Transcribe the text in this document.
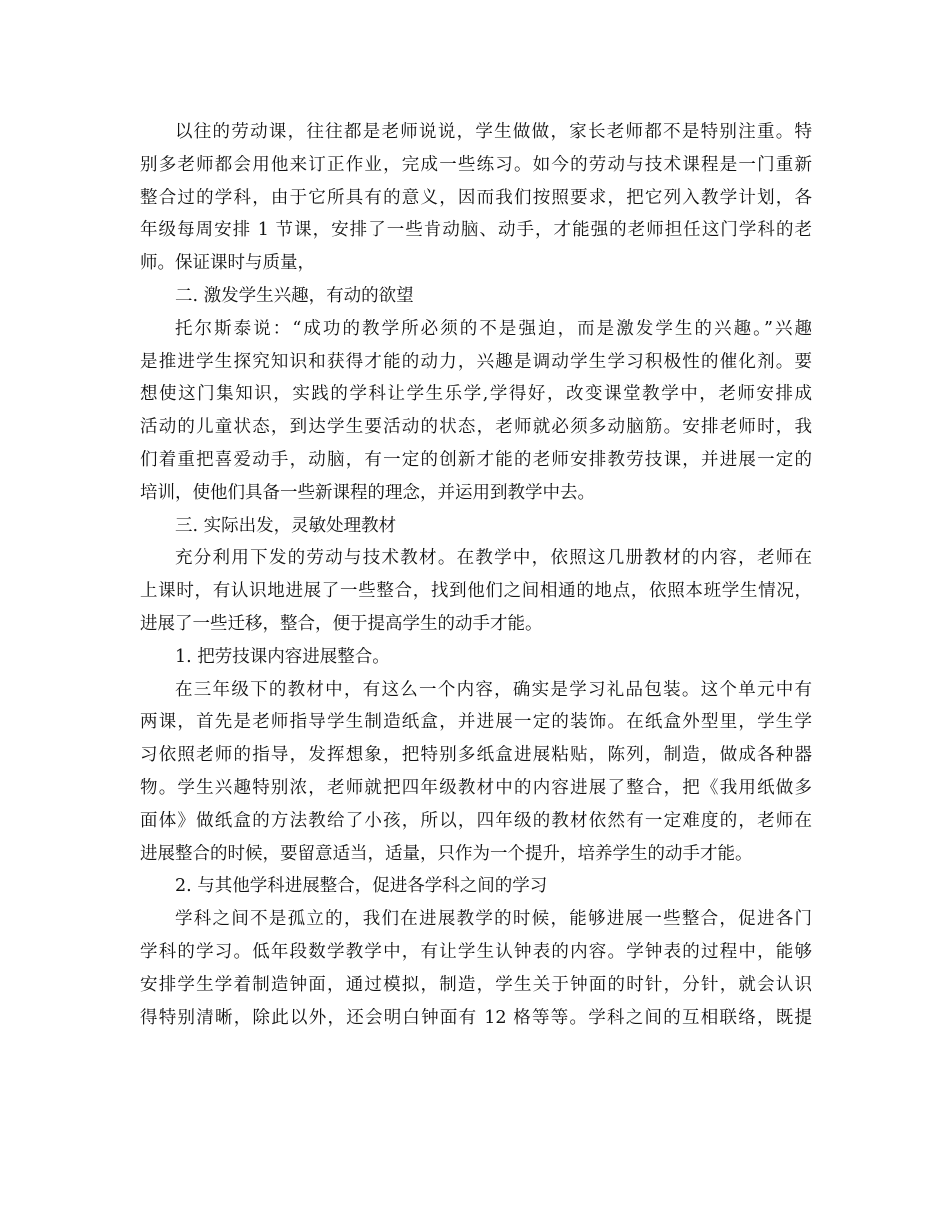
以往的劳动课，往往都是老师说说，学生做做，家长老师都不是特别注重。特
别多老师都会用他来订正作业，完成一些练习。如今的劳动与技术课程是一门重新
整合过的学科，由于它所具有的意义，因而我们按照要求，把它列入教学计划，各
年级每周安排 1 节课，安排了一些肯动脑、动手，才能强的老师担任这门学科的老
师。保证课时与质量，
二. 激发学生兴趣，有动的欲望
托尔斯泰说：“成功的教学所必须的不是强迫，而是激发学生的兴趣。”兴趣
是推进学生探究知识和获得才能的动力，兴趣是调动学生学习积极性的催化剂。要
想使这门集知识，实践的学科让学生乐学,学得好，改变课堂教学中，老师安排成
活动的儿童状态，到达学生要活动的状态，老师就必须多动脑筋。安排老师时，我
们着重把喜爱动手，动脑，有一定的创新才能的老师安排教劳技课，并进展一定的
培训，使他们具备一些新课程的理念，并运用到教学中去。
三. 实际出发，灵敏处理教材
充分利用下发的劳动与技术教材。在教学中，依照这几册教材的内容，老师在
上课时，有认识地进展了一些整合，找到他们之间相通的地点，依照本班学生情况，
进展了一些迁移，整合，便于提高学生的动手才能。
1. 把劳技课内容进展整合。
在三年级下的教材中，有这么一个内容，确实是学习礼品包装。这个单元中有
两课，首先是老师指导学生制造纸盒，并进展一定的装饰。在纸盒外型里，学生学
习依照老师的指导，发挥想象，把特别多纸盒进展粘贴，陈列，制造，做成各种器
物。学生兴趣特别浓，老师就把四年级教材中的内容进展了整合，把《我用纸做多
面体》做纸盒的方法教给了小孩，所以，四年级的教材依然有一定难度的，老师在
进展整合的时候，要留意适当，适量，只作为一个提升，培养学生的动手才能。
2. 与其他学科进展整合，促进各学科之间的学习
学科之间不是孤立的，我们在进展教学的时候，能够进展一些整合，促进各门
学科的学习。低年段数学教学中，有让学生认钟表的内容。学钟表的过程中，能够
安排学生学着制造钟面，通过模拟，制造，学生关于钟面的时针，分针，就会认识
得特别清晰，除此以外，还会明白钟面有 12 格等等。学科之间的互相联络，既提
